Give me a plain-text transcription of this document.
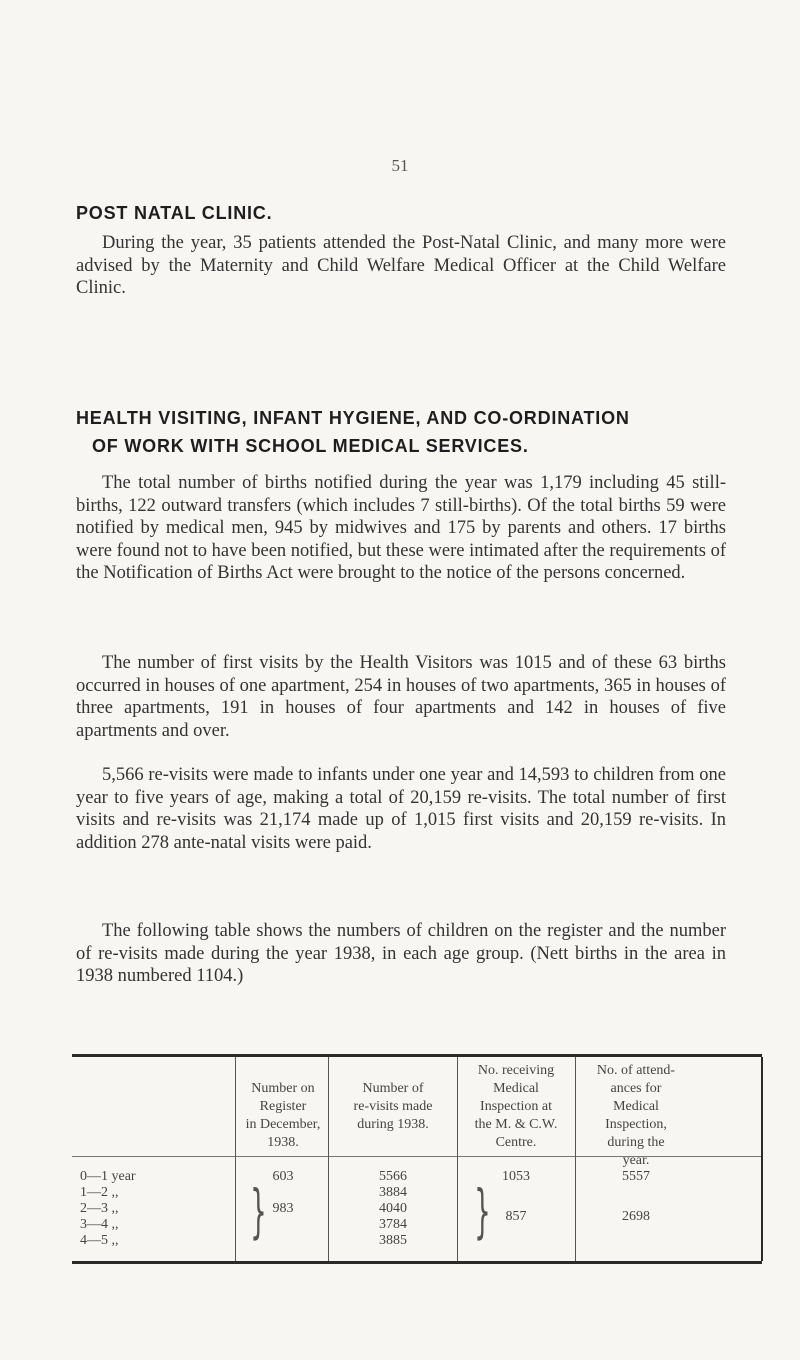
51
POST NATAL CLINIC.
During the year, 35 patients attended the Post-Natal Clinic, and many more were advised by the Maternity and Child Welfare Medical Officer at the Child Welfare Clinic.
HEALTH VISITING, INFANT HYGIENE, AND CO-ORDINATION
OF WORK WITH SCHOOL MEDICAL SERVICES.
The total number of births notified during the year was 1,179 including 45 still-births, 122 outward transfers (which includes 7 still-births). Of the total births 59 were notified by medical men, 945 by midwives and 175 by parents and others. 17 births were found not to have been notified, but these were intimated after the requirements of the Notification of Births Act were brought to the notice of the persons concerned.
The number of first visits by the Health Visitors was 1015 and of these 63 births occurred in houses of one apartment, 254 in houses of two apartments, 365 in houses of three apartments, 191 in houses of four apartments and 142 in houses of five apartments and over.
5,566 re-visits were made to infants under one year and 14,593 to children from one year to five years of age, making a total of 20,159 re-visits. The total number of first visits and re-visits was 21,174 made up of 1,015 first visits and 20,159 re-visits. In addition 278 ante-natal visits were paid.
The following table shows the numbers of children on the register and the number of re-visits made during the year 1938, in each age group. (Nett births in the area in 1938 numbered 1104.)
Number on
Register
in December,
1938.
Number of
re-visits made
during 1938.
No. receiving
Medical
Inspection at
the M. & C.W.
Centre.
No. of attend-
ances for
Medical
Inspection,
during the
year.
0—1 year
1—2 ,,
2—3 ,,
3—4 ,,
4—5 ,,
603
} 983
5566
3884
4040
3784
3885
1053
}	857
5557
2698
